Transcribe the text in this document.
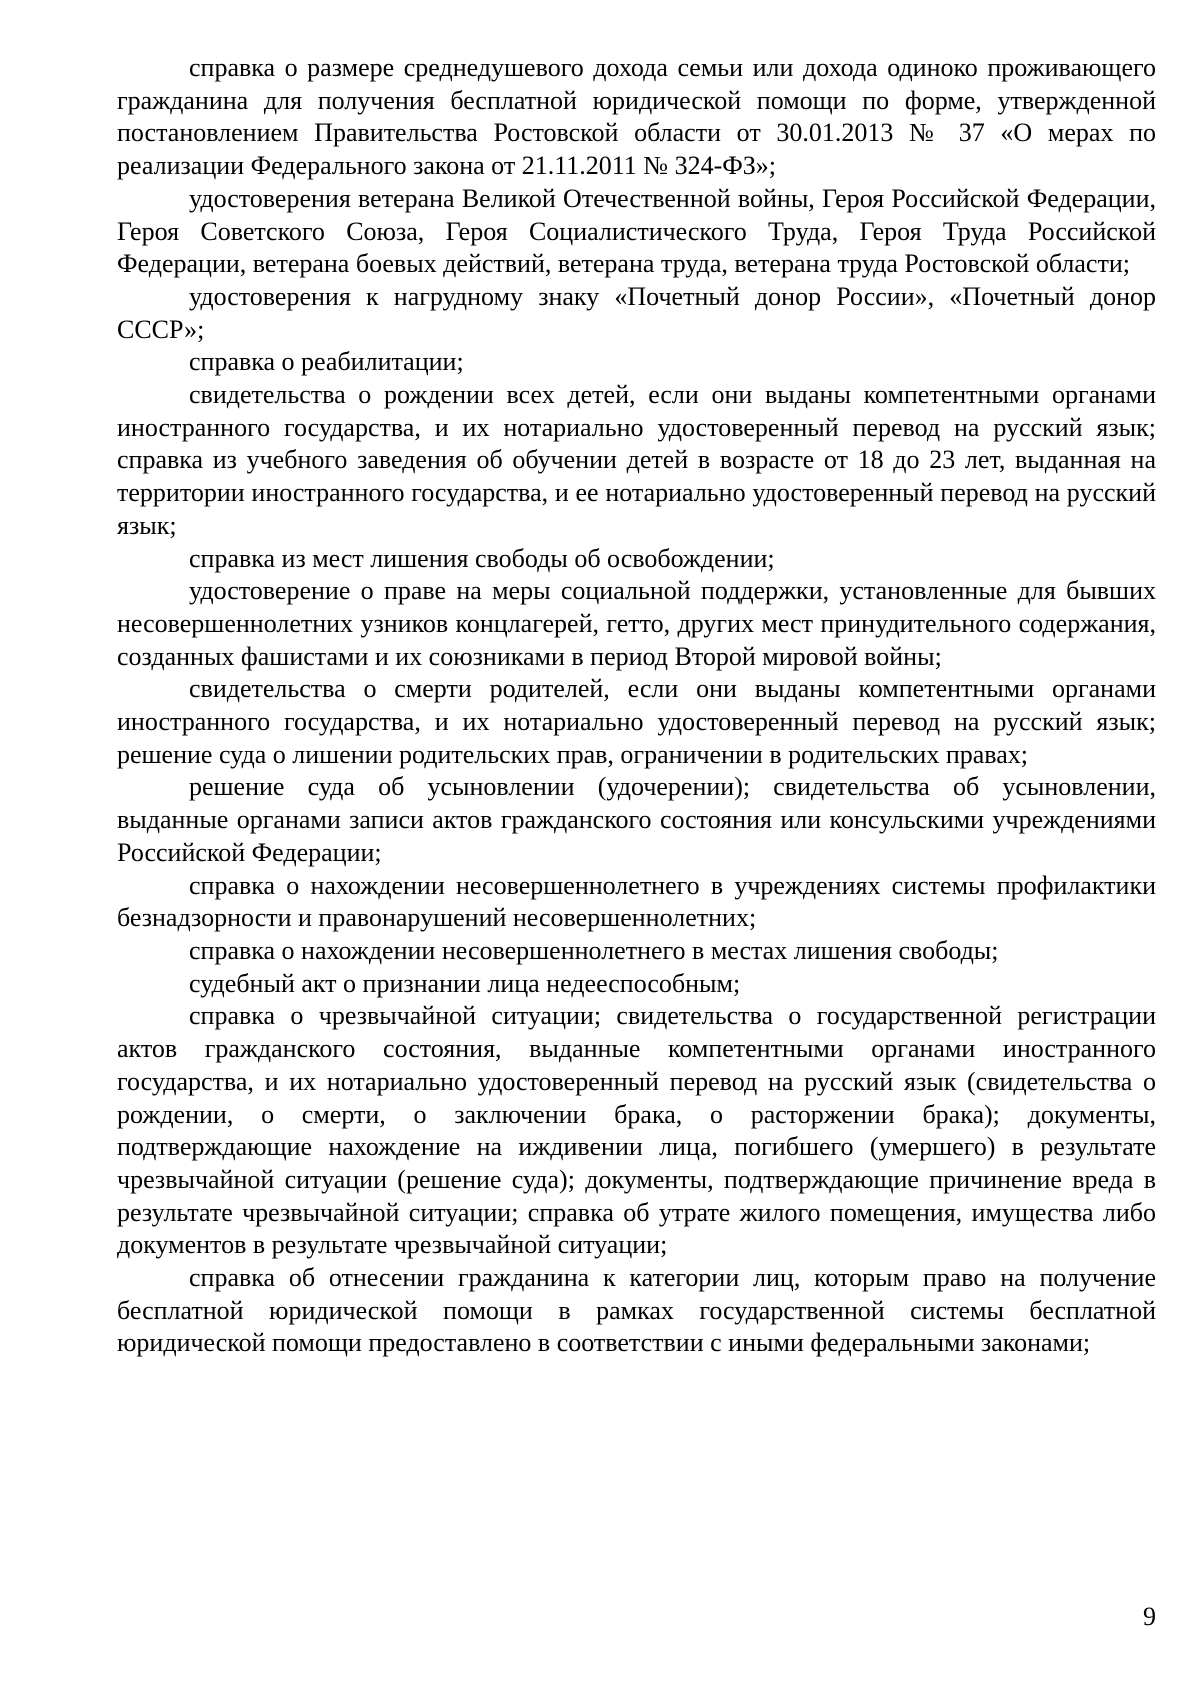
справка о размере среднедушевого дохода семьи или дохода одиноко проживающего гражданина для получения бесплатной юридической помощи по форме, утвержденной постановлением Правительства Ростовской области от 30.01.2013 № 37 «О мерах по реализации Федерального закона от 21.11.2011 № 324-ФЗ»;

удостоверения ветерана Великой Отечественной войны, Героя Российской Федерации, Героя Советского Союза, Героя Социалистического Труда, Героя Труда Российской Федерации, ветерана боевых действий, ветерана труда, ветерана труда Ростовской области;

удостоверения к нагрудному знаку «Почетный донор России», «Почетный донор СССР»;

справка о реабилитации;

свидетельства о рождении всех детей, если они выданы компетентными органами иностранного государства, и их нотариально удостоверенный перевод на русский язык; справка из учебного заведения об обучении детей в возрасте от 18 до 23 лет, выданная на территории иностранного государства, и ее нотариально удостоверенный перевод на русский язык;

справка из мест лишения свободы об освобождении;

удостоверение о праве на меры социальной поддержки, установленные для бывших несовершеннолетних узников концлагерей, гетто, других мест принудительного содержания, созданных фашистами и их союзниками в период Второй мировой войны;

свидетельства о смерти родителей, если они выданы компетентными органами иностранного государства, и их нотариально удостоверенный перевод на русский язык; решение суда о лишении родительских прав, ограничении в родительских правах;

решение суда об усыновлении (удочерении); свидетельства об усыновлении, выданные органами записи актов гражданского состояния или консульскими учреждениями Российской Федерации;

справка о нахождении несовершеннолетнего в учреждениях системы профилактики безнадзорности и правонарушений несовершеннолетних;

справка о нахождении несовершеннолетнего в местах лишения свободы;

судебный акт о признании лица недееспособным;

справка о чрезвычайной ситуации; свидетельства о государственной регистрации актов гражданского состояния, выданные компетентными органами иностранного государства, и их нотариально удостоверенный перевод на русский язык (свидетельства о рождении, о смерти, о заключении брака, о расторжении брака); документы, подтверждающие нахождение на иждивении лица, погибшего (умершего) в результате чрезвычайной ситуации (решение суда); документы, подтверждающие причинение вреда в результате чрезвычайной ситуации; справка об утрате жилого помещения, имущества либо документов в результате чрезвычайной ситуации;

справка об отнесении гражданина к категории лиц, которым право на получение бесплатной юридической помощи в рамках государственной системы бесплатной юридической помощи предоставлено в соответствии с иными федеральными законами;

9
